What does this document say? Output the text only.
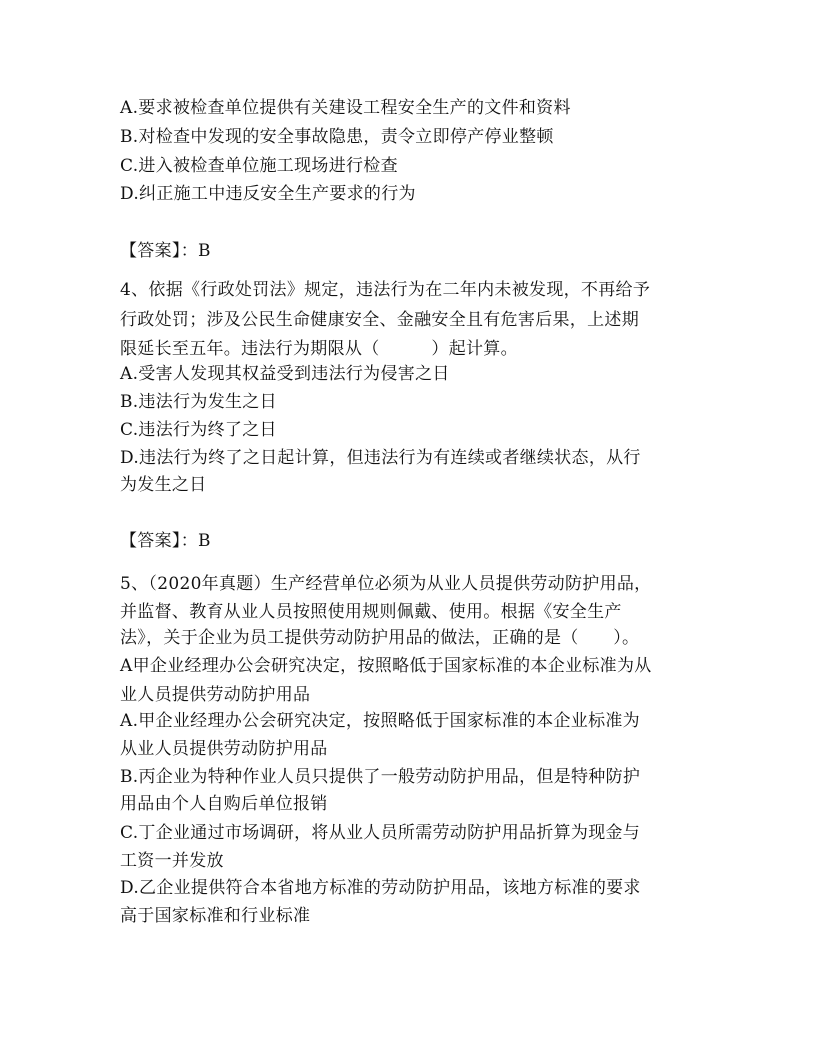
A.要求被检查单位提供有关建设工程安全生产的文件和资料
B.对检查中发现的安全事故隐患，责令立即停产停业整顿
C.进入被检查单位施工现场进行检查
D.纠正施工中违反安全生产要求的行为
【答案】：B
4、依据《行政处罚法》规定，违法行为在二年内未被发现，不再给予
行政处罚；涉及公民生命健康安全、金融安全且有危害后果，上述期
限延长至五年。违法行为期限从（　　　）起计算。
A.受害人发现其权益受到违法行为侵害之日
B.违法行为发生之日
C.违法行为终了之日
D.违法行为终了之日起计算，但违法行为有连续或者继续状态，从行
为发生之日
【答案】：B
5、（2020年真题）生产经营单位必须为从业人员提供劳动防护用品，
并监督、教育从业人员按照使用规则佩戴、使用。根据《安全生产
法》，关于企业为员工提供劳动防护用品的做法，正确的是（　　）。
A甲企业经理办公会研究决定，按照略低于国家标准的本企业标准为从
业人员提供劳动防护用品
A.甲企业经理办公会研究决定，按照略低于国家标准的本企业标准为
从业人员提供劳动防护用品
B.丙企业为特种作业人员只提供了一般劳动防护用品，但是特种防护
用品由个人自购后单位报销
C.丁企业通过市场调研，将从业人员所需劳动防护用品折算为现金与
工资一并发放
D.乙企业提供符合本省地方标准的劳动防护用品，该地方标准的要求
高于国家标准和行业标准
